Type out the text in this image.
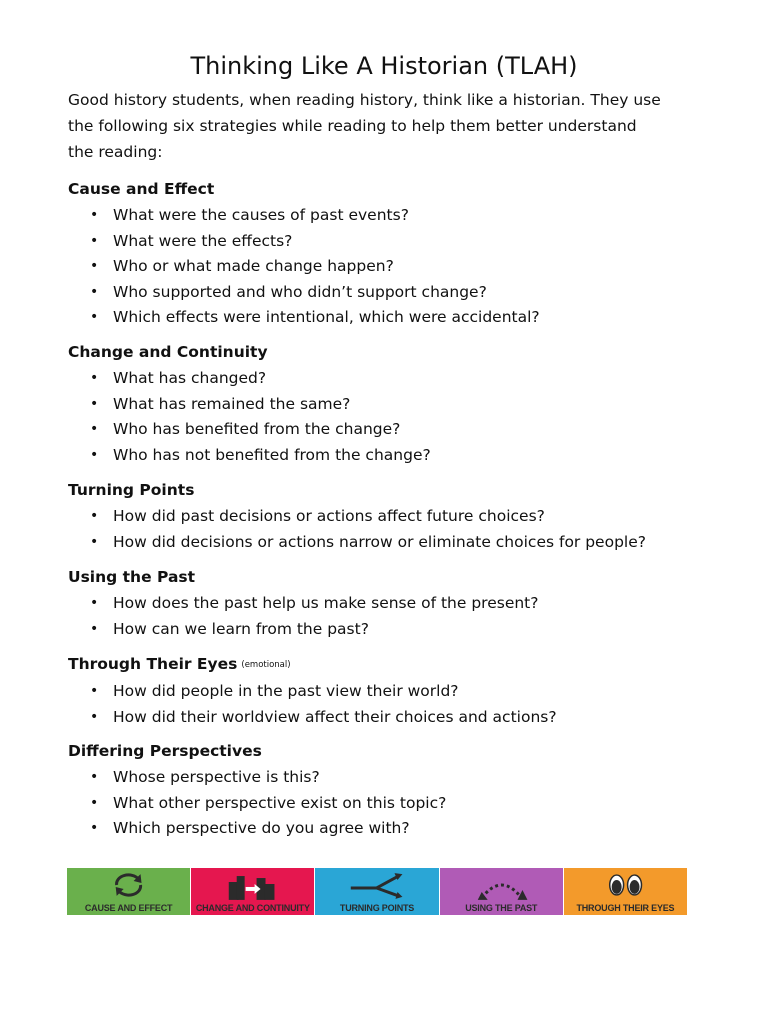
Thinking Like A Historian (TLAH)

Good history students, when reading history, think like a historian. They use

the following six strategies while reading to help them better understand

the reading:

Cause and Effect
• What were the causes of past events?
• What were the effects?
• Who or what made change happen?
• Who supported and who didn’t support change?
• Which effects were intentional, which were accidental?
Change and Continuity
• What has changed?
• What has remained the same?
• Who has benefited from the change?
• Who has not benefited from the change?
Turning Points
• How did past decisions or actions affect future choices?
• How did decisions or actions narrow or eliminate choices for people?
Using the Past
• How does the past help us make sense of the present?
• How can we learn from the past?
Through Their Eyes (emotional)
• How did people in the past view their world?
• How did their worldview affect their choices and actions?
Differing Perspectives
• Whose perspective is this?
• What other perspective exist on this topic?
• Which perspective do you agree with?
CAUSE AND EFFECT	CHANGE AND CONTINUITY	TURNING POINTS	USING THE PAST	THROUGH THEIR EYES
